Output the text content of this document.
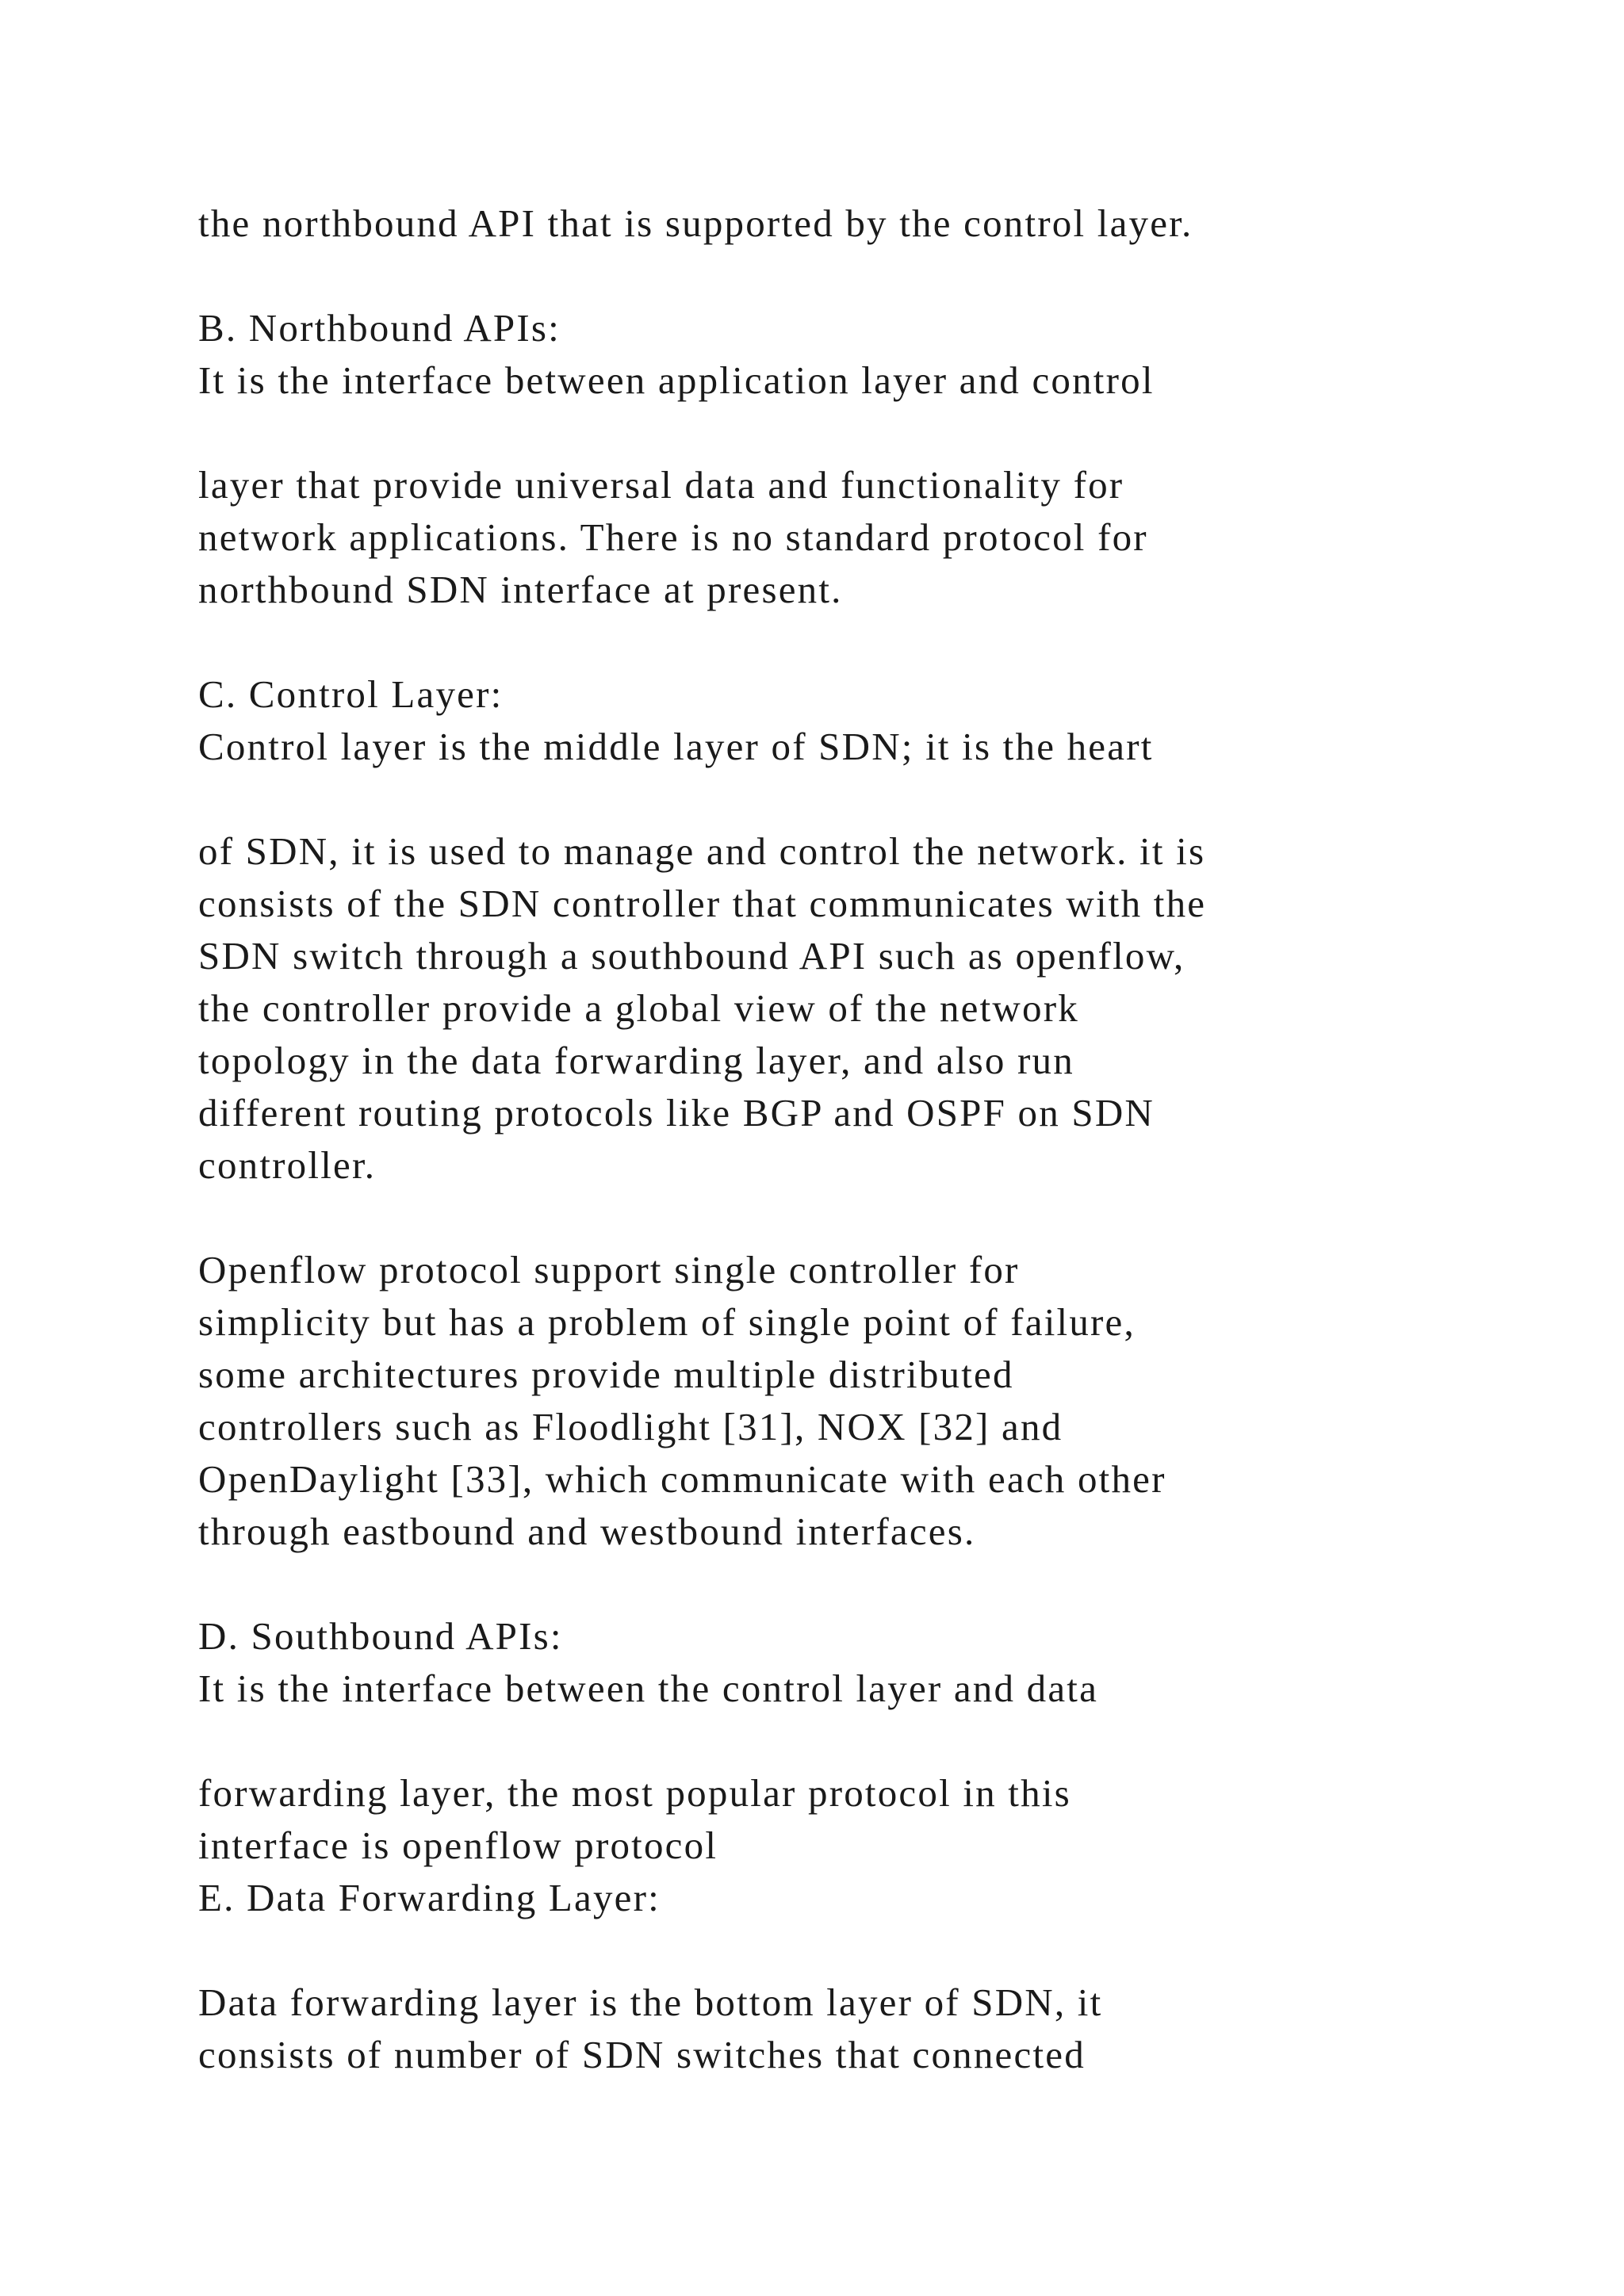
the northbound API that is supported by the control layer.

B. Northbound APIs:

It is the interface between application layer and control

layer that provide universal data and functionality for

network applications. There is no standard protocol for

northbound SDN interface at present.

C. Control Layer:

Control layer is the middle layer of SDN; it is the heart

of SDN, it is used to manage and control the network. it is

consists of the SDN controller that communicates with the

SDN switch through a southbound API such as openflow,

the controller provide a global view of the network

topology in the data forwarding layer, and also run

different routing protocols like BGP and OSPF on SDN

controller.

Openflow protocol support single controller for

simplicity but has a problem of single point of failure,

some architectures provide multiple distributed

controllers such as Floodlight [31], NOX [32] and

OpenDaylight [33], which communicate with each other

through eastbound and westbound interfaces.

D. Southbound APIs:

It is the interface between the control layer and data

forwarding layer, the most popular protocol in this

interface is openflow protocol

E. Data Forwarding Layer:

Data forwarding layer is the bottom layer of SDN, it

consists of number of SDN switches that connected
